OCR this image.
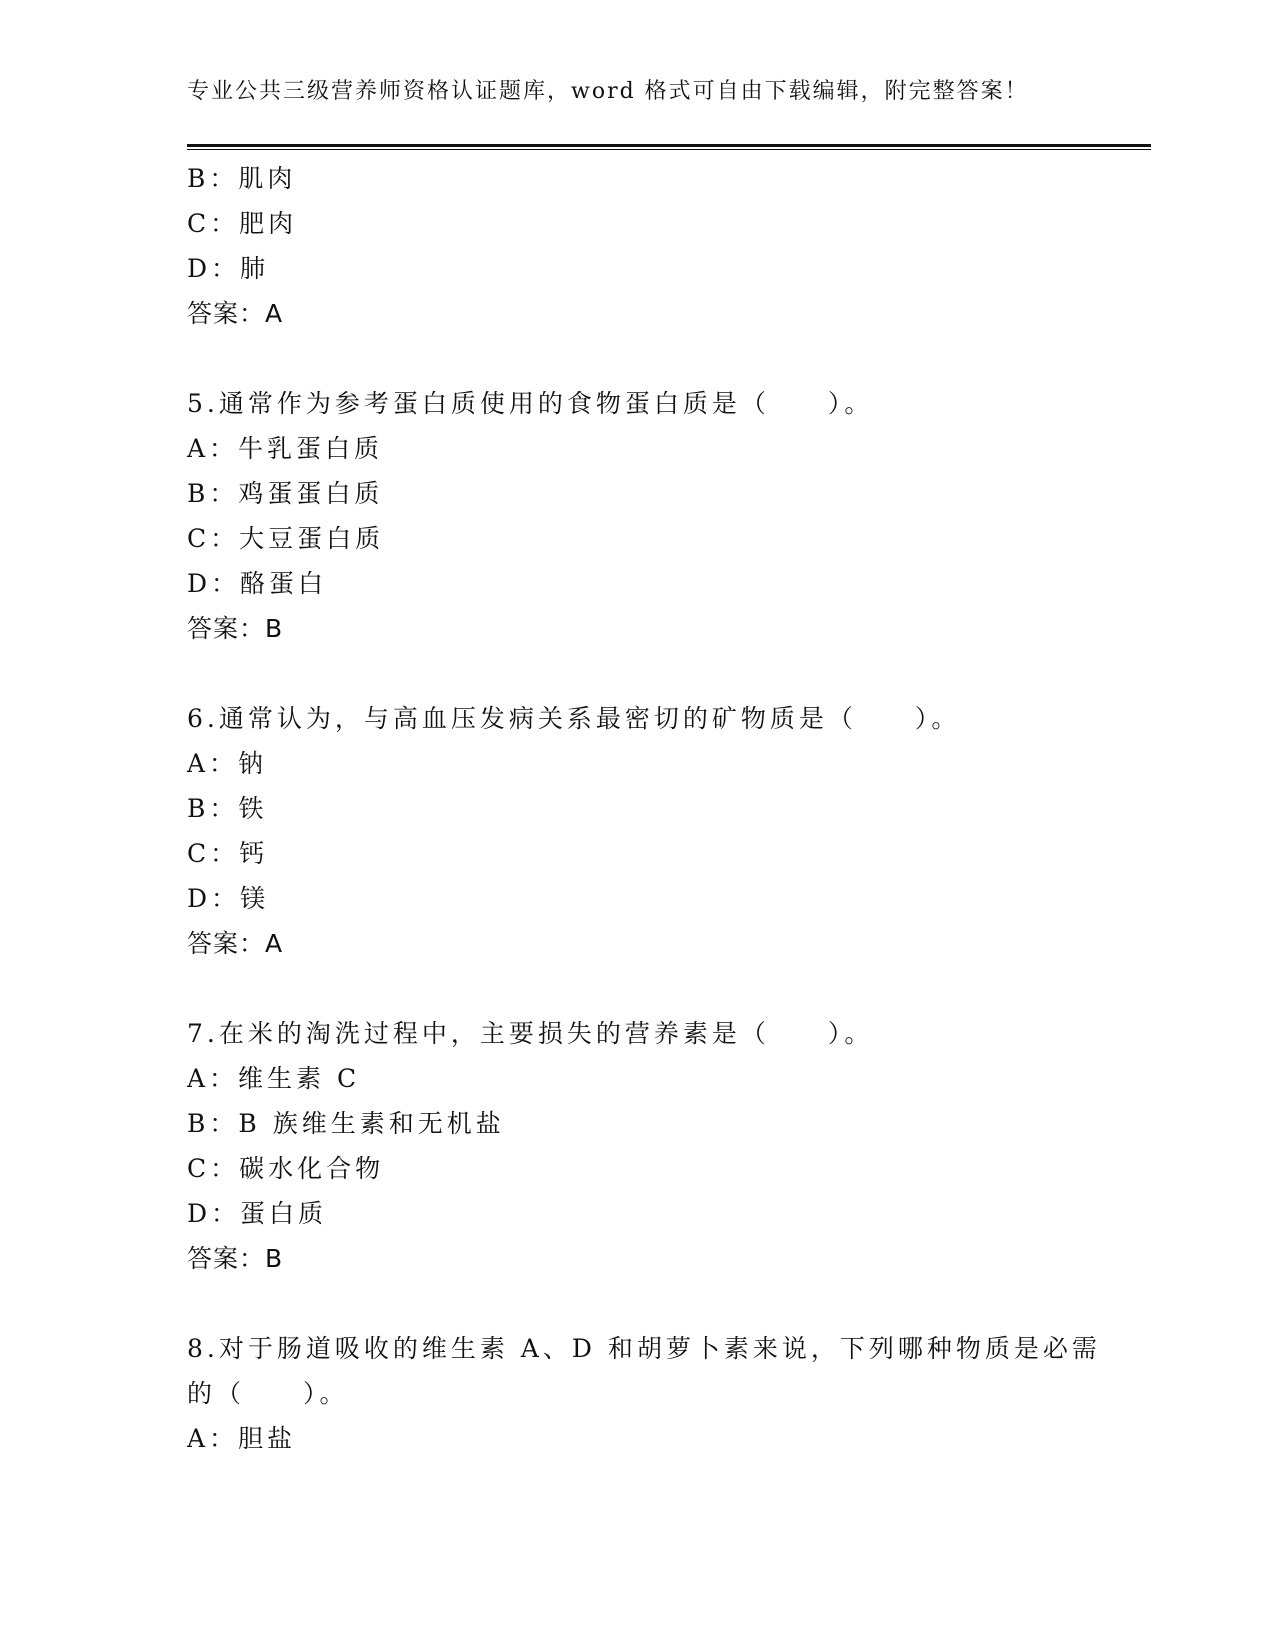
专业公共三级营养师资格认证题库，word 格式可自由下载编辑，附完整答案！
B：肌肉
C：肥肉
D：肺
答案：A
5.通常作为参考蛋白质使用的食物蛋白质是（　　）。
A：牛乳蛋白质
B：鸡蛋蛋白质
C：大豆蛋白质
D：酪蛋白
答案：B
6.通常认为，与高血压发病关系最密切的矿物质是（　　）。
A：钠
B：铁
C：钙
D：镁
答案：A
7.在米的淘洗过程中，主要损失的营养素是（　　）。
A：维生素 C
B：B 族维生素和无机盐
C：碳水化合物
D：蛋白质
答案：B
8.对于肠道吸收的维生素 A、D 和胡萝卜素来说，下列哪种物质是必需
的（　　）。
A：胆盐
